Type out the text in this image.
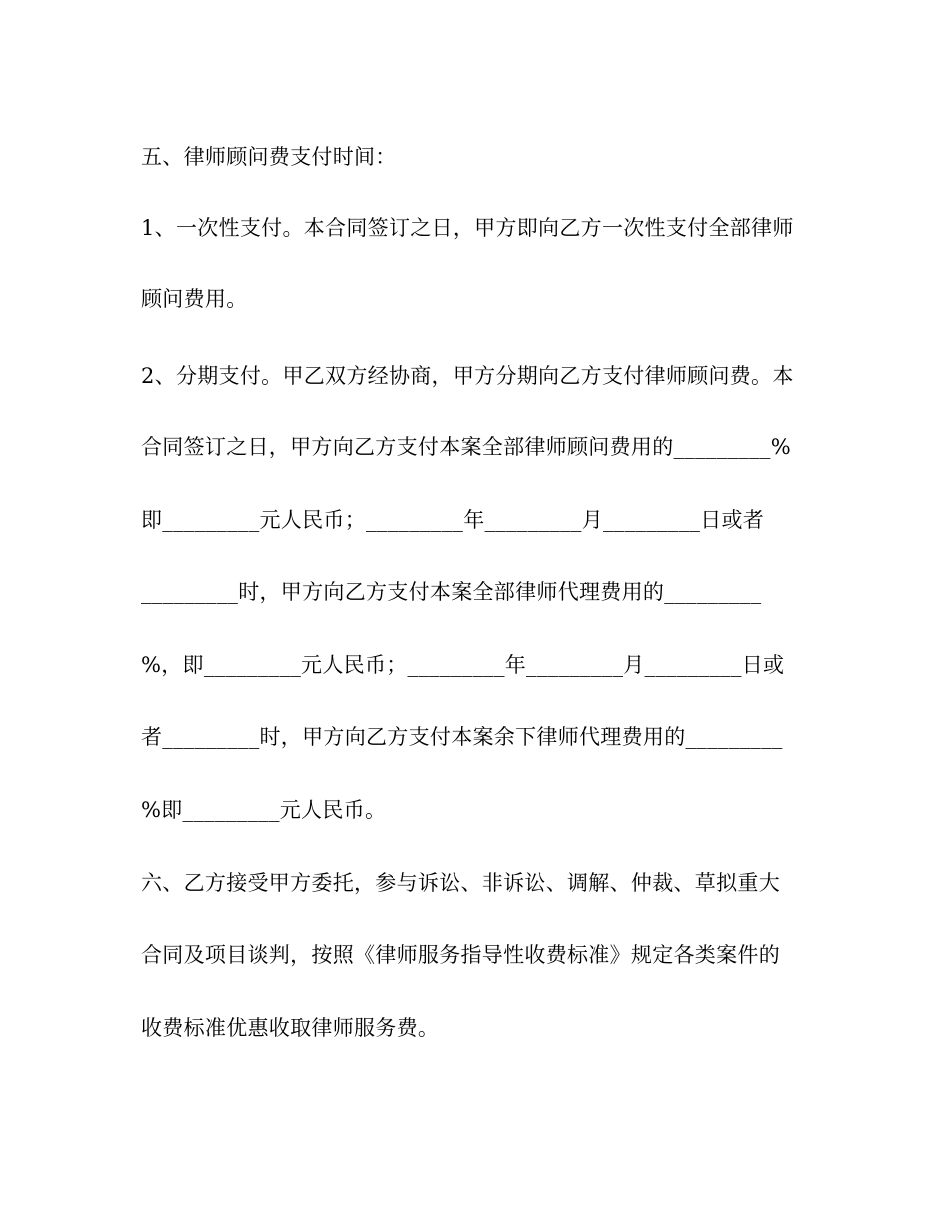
五、律师顾问费支付时间：
1、一次性支付。本合同签订之日，甲方即向乙方一次性支付全部律师
顾问费用。
2、分期支付。甲乙双方经协商，甲方分期向乙方支付律师顾问费。本
合同签订之日，甲方向乙方支付本案全部律师顾问费用的_________%
即_________元人民币；_________年_________月_________日或者
_________时，甲方向乙方支付本案全部律师代理费用的_________
%，即_________元人民币；_________年_________月_________日或
者_________时，甲方向乙方支付本案余下律师代理费用的_________
%即_________元人民币。
六、乙方接受甲方委托，参与诉讼、非诉讼、调解、仲裁、草拟重大
合同及项目谈判，按照《律师服务指导性收费标准》规定各类案件的
收费标准优惠收取律师服务费。
